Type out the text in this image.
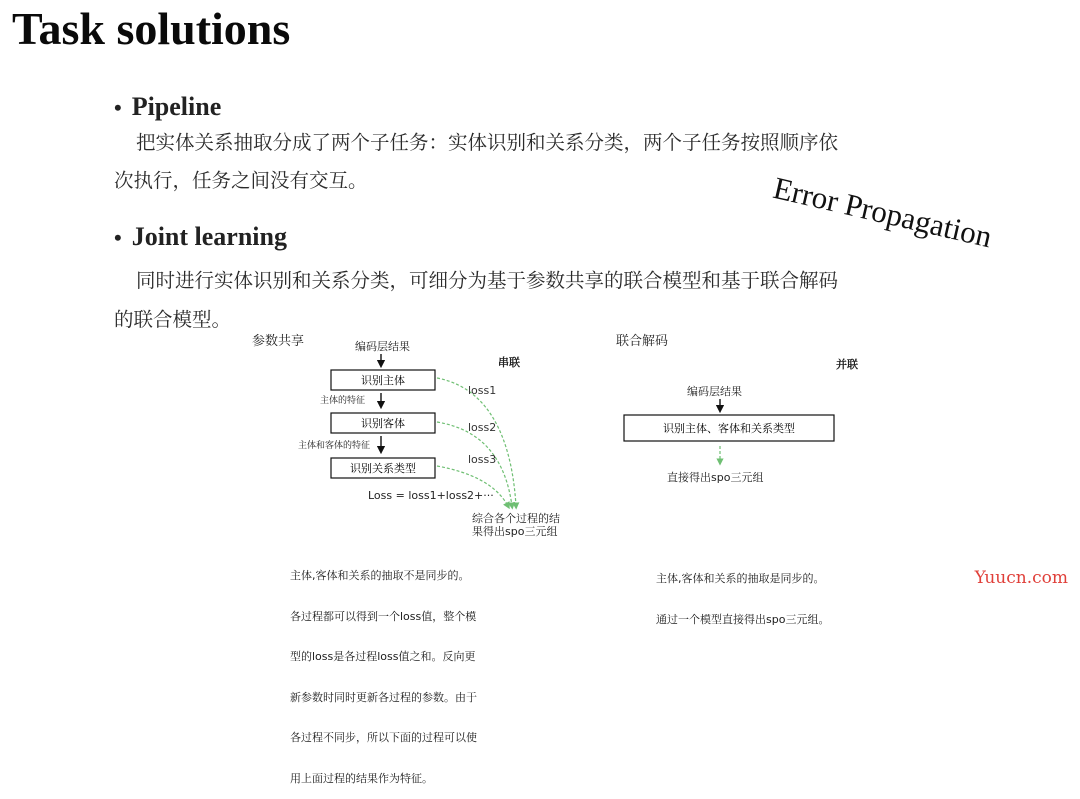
Task solutions
• Pipeline
把实体关系抽取分成了两个子任务：实体识别和关系分类，两个子任务按照顺序依
次执行，任务之间没有交互。	Error Propagation
• Joint learning
同时进行实体识别和关系分类，可细分为基于参数共享的联合模型和基于联合解码
的联合模型。
参数共享
串联
编码层结果
识别主体
主体的特征
识别客体
主体和客体的特征
识别关系类型
loss1
loss2
loss3
Loss = loss1+loss2+···
综合各个过程的结
果得出spo三元组
联合解码
并联
编码层结果
识别主体、客体和关系类型
直接得出spo三元组

主体,客体和关系的抽取不是同步的。

各过程都可以得到一个loss值，整个模

型的loss是各过程loss值之和。反向更

新参数时同时更新各过程的参数。由于

各过程不同步，所以下面的过程可以使

用上面过程的结果作为特征。

主体,客体和关系的抽取是同步的。

通过一个模型直接得出spo三元组。

Yuucn.com
